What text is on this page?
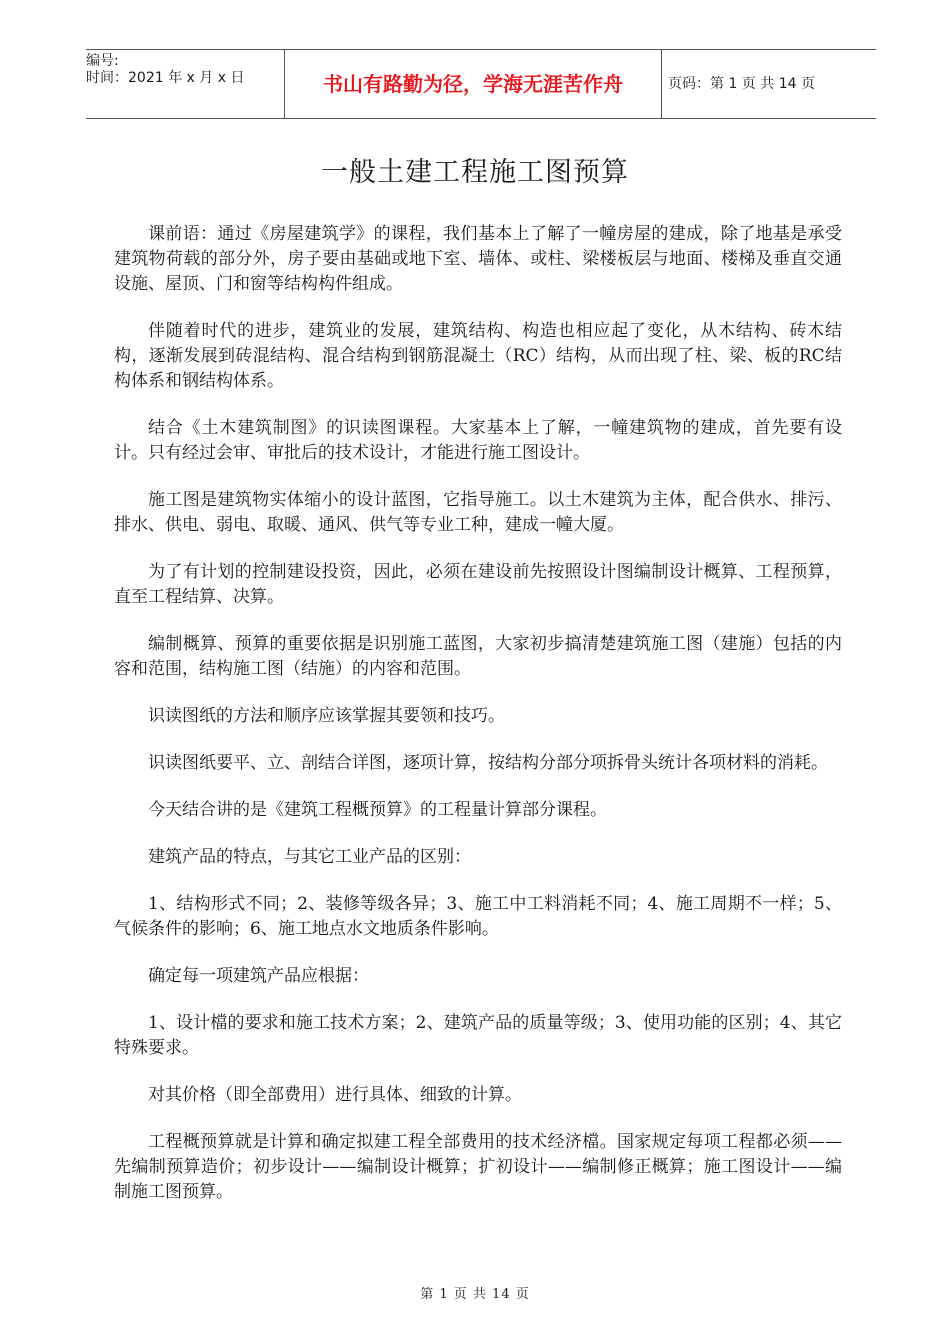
编号:
时间：2021 年 x 月 x 日	书山有路勤为径，学海无涯苦作舟	页码：第 1 页 共 14 页
一般土建工程施工图预算

课前语：通过《房屋建筑学》的课程，我们基本上了解了一幢房屋的建成，除了地基是承受建筑物荷载的部分外，房子要由基础或地下室、墙体、或柱、梁楼板层与地面、楼梯及垂直交通设施、屋顶、门和窗等结构构件组成。

伴随着时代的进步，建筑业的发展，建筑结构、构造也相应起了变化，从木结构、砖木结构，逐渐发展到砖混结构、混合结构到钢筋混凝土（RC）结构，从而出现了柱、梁、板的RC结构体系和钢结构体系。

结合《土木建筑制图》的识读图课程。大家基本上了解，一幢建筑物的建成，首先要有设计。只有经过会审、审批后的技术设计，才能进行施工图设计。

施工图是建筑物实体缩小的设计蓝图，它指导施工。以土木建筑为主体，配合供水、排污、排水、供电、弱电、取暖、通风、供气等专业工种，建成一幢大厦。

为了有计划的控制建设投资，因此，必须在建设前先按照设计图编制设计概算、工程预算，直至工程结算、决算。

编制概算、预算的重要依据是识别施工蓝图，大家初步搞清楚建筑施工图（建施）包括的内容和范围，结构施工图（结施）的内容和范围。

识读图纸的方法和顺序应该掌握其要领和技巧。

识读图纸要平、立、剖结合详图，逐项计算，按结构分部分项拆骨头统计各项材料的消耗。

今天结合讲的是《建筑工程概预算》的工程量计算部分课程。

建筑产品的特点，与其它工业产品的区别：

1、结构形式不同；2、装修等级各异；3、施工中工料消耗不同；4、施工周期不一样；5、气候条件的影响；6、施工地点水文地质条件影响。

确定每一项建筑产品应根据：

1、设计檔的要求和施工技术方案；2、建筑产品的质量等级；3、使用功能的区别；4、其它特殊要求。

对其价格（即全部费用）进行具体、细致的计算。

工程概预算就是计算和确定拟建工程全部费用的技术经济檔。国家规定每项工程都必须——先编制预算造价；初步设计——编制设计概算；扩初设计——编制修正概算；施工图设计——编制施工图预算。

第 1 页 共 14 页
